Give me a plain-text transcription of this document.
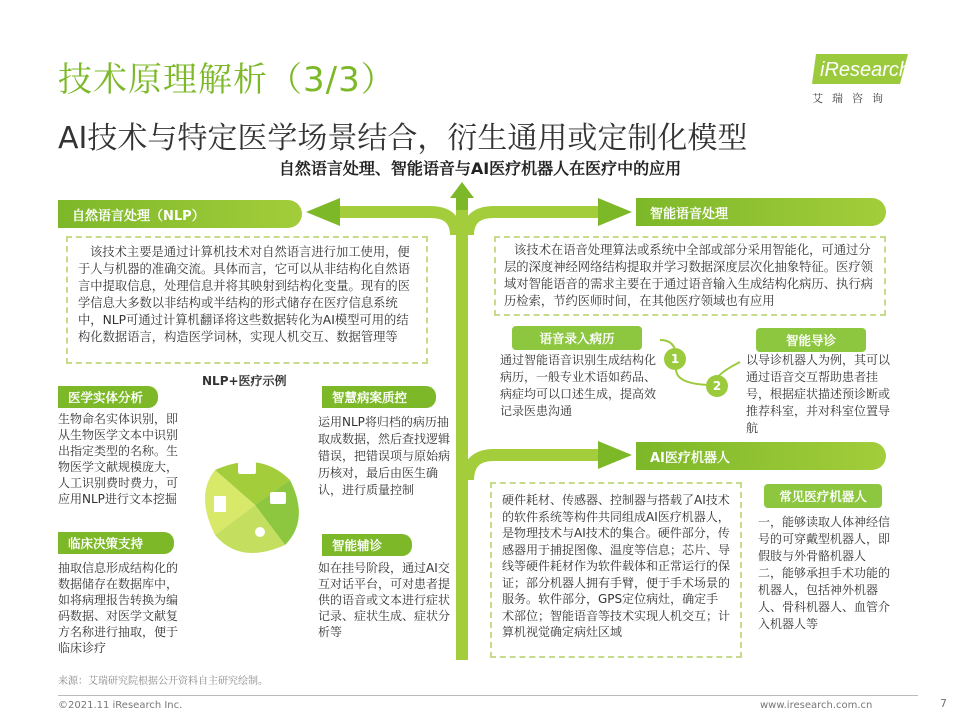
技术原理解析（3/3）
AI技术与特定医学场景结合，衍生通用或定制化模型
iResearch
艾瑞咨询
自然语言处理、智能语音与AI医疗机器人在医疗中的应用
自然语言处理（NLP）
该技术主要是通过计算机技术对自然语言进行加工使用，便于人与机器的准确交流。具体而言，它可以从非结构化自然语言中提取信息，处理信息并将其映射到结构化变量。现有的医学信息大多数以非结构或半结构的形式储存在医疗信息系统中，NLP可通过计算机翻译将这些数据转化为AI模型可用的结构化数据语言，构造医学词林，实现人机交互、数据管理等
NLP+医疗示例
医学实体分析
生物命名实体识别，即从生物医学文本中识别出指定类型的名称。生物医学文献规模庞大，人工识别费时费力，可应用NLP进行文本挖掘
智慧病案质控
运用NLP将归档的病历抽取成数据，然后查找逻辑错误，把错误项与原始病历核对，最后由医生确认，进行质量控制
临床决策支持
抽取信息形成结构化的数据储存在数据库中，如将病理报告转换为编码数据、对医学文献复方名称进行抽取，便于临床诊疗
智能辅诊
如在挂号阶段，通过AI交互对话平台，可对患者提供的语音或文本进行症状记录、症状生成、症状分析等
智能语音处理
该技术在语音处理算法或系统中全部或部分采用智能化，可通过分层的深度神经网络结构提取并学习数据深度层次化抽象特征。医疗领域对智能语音的需求主要在于通过语音输入生成结构化病历、执行病历检索，节约医师时间，在其他医疗领域也有应用
语音录入病历
通过智能语音识别生成结构化病历，一般专业术语如药品、病症均可以口述生成，提高效记录医患沟通
1
智能导诊
以导诊机器人为例，其可以通过语音交互帮助患者挂号，根据症状描述预诊断或推荐科室，并对科室位置导航
2
AI医疗机器人
硬件耗材、传感器、控制器与搭载了AI技术的软件系统等构件共同组成AI医疗机器人，是物理技术与AI技术的集合。硬件部分，传感器用于捕捉图像、温度等信息；芯片、导线等硬件耗材作为软件载体和正常运行的保证；部分机器人拥有手臂，便于手术场景的服务。软件部分，GPS定位病灶，确定手术部位；智能语音等技术实现人机交互；计算机视觉确定病灶区域
常见医疗机器人
一，能够读取人体神经信号的可穿戴型机器人，即假肢与外骨骼机器人
二，能够承担手术功能的机器人，包括神外机器人、骨科机器人、血管介入机器人等
来源：艾瑞研究院根据公开资料自主研究绘制。
©2021.11 iResearch Inc.	www.iresearch.com.cn	7
